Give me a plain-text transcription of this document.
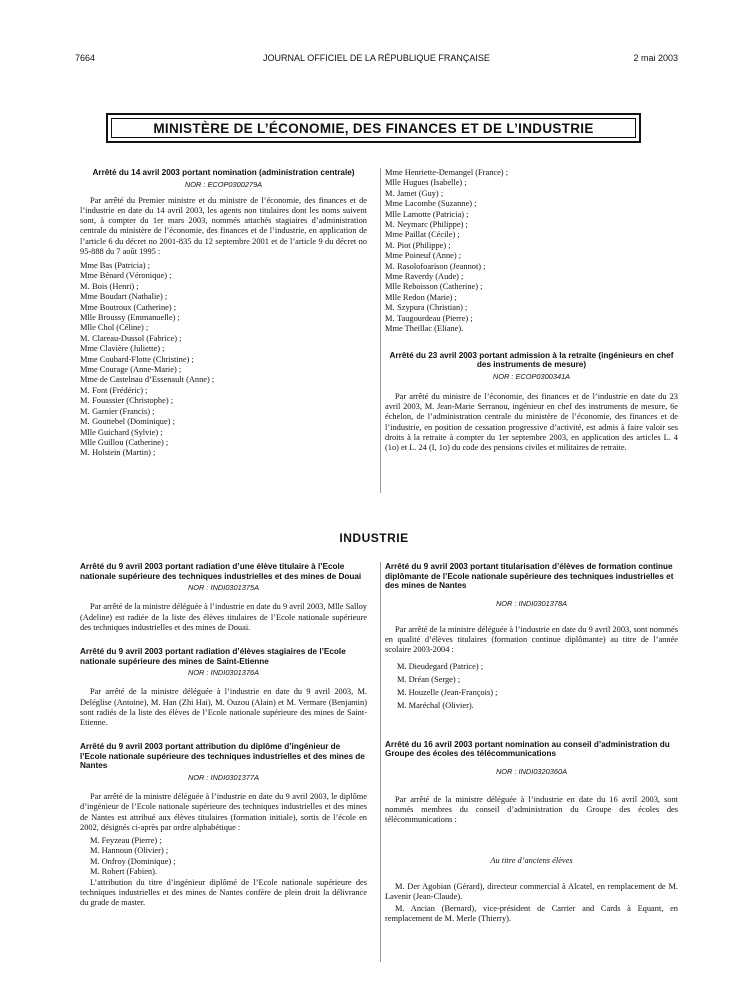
7664	JOURNAL OFFICIEL DE LA RÉPUBLIQUE FRANÇAISE	2 mai 2003
MINISTÈRE DE L’ÉCONOMIE, DES FINANCES ET DE L’INDUSTRIE

Arrêté du 14 avril 2003 portant nomination (administration centrale)

NOR : ECOP0300279A

Par arrêté du Premier ministre et du ministre de l’économie, des finances et de l’industrie en date du 14 avril 2003, les agents non titulaires dont les noms suivent sont, à compter du 1er mars 2003, nommés attachés stagiaires d’administration centrale du ministère de l’économie, des finances et de l’industrie, en application de l’article 6 du décret no 2001-835 du 12 septembre 2001 et de l’article 9 du décret no 95-888 du 7 août 1995 :

Mme Bas (Patricia) ;
Mme Bénard (Véronique) ;
M. Bois (Henri) ;
Mme Boudart (Nathalie) ;
Mme Boutroux (Catherine) ;
Mlle Broussy (Emmanuelle) ;
Mlle Chol (Céline) ;
M. Clareau-Dussol (Fabrice) ;
Mme Clavière (Juliette) ;
Mme Coubard-Flotte (Christine) ;
Mme Courage (Anne-Marie) ;
Mme de Castelnau d’Essenault (Anne) ;
M. Font (Frédéric) ;
M. Fouassier (Christophe) ;
M. Garnier (Francis) ;
M. Gouttebel (Dominique) ;
Mlle Guichard (Sylvie) ;
Mlle Guillou (Catherine) ;
M. Holstein (Martin) ;
Mme Henriette-Demangel (France) ;
Mlle Hugues (Isabelle) ;
M. Jamet (Guy) ;
Mme Lacombe (Suzanne) ;
Mlle Lamotte (Patricia) ;
M. Neymarc (Philippe) ;
Mme Paillat (Cécile) ;
M. Piot (Philippe) ;
Mme Poineuf (Anne) ;
M. Rasolofoarison (Jeannot) ;
Mme Raverdy (Aude) ;
Mlle Reboisson (Catherine) ;
Mlle Redon (Marie) ;
M. Szypura (Christian) ;
M. Taugourdeau (Pierre) ;
Mme Theillac (Eliane).

Arrêté du 23 avril 2003 portant admission à la retraite (ingénieurs en chef des instruments de mesure)

NOR : ECOP0300341A

Par arrêté du ministre de l’économie, des finances et de l’industrie en date du 23 avril 2003, M. Jean-Marie Serranou, ingénieur en chef des instruments de mesure, 6e échelon, de l’administration centrale du ministère de l’économie, des finances et de l’industrie, en position de cessation progressive d’activité, est admis à faire valoir ses droits à la retraite à compter du 1er septembre 2003, en application des articles L. 4 (1o) et L. 24 (I, 1o) du code des pensions civiles et militaires de retraite.

INDUSTRIE

Arrêté du 9 avril 2003 portant radiation d’une élève titulaire à l’Ecole nationale supérieure des techniques industrielles et des mines de Douai

NOR : INDI0301375A

Par arrêté de la ministre déléguée à l’industrie en date du 9 avril 2003, Mlle Salloy (Adeline) est radiée de la liste des élèves titulaires de l’Ecole nationale supérieure des techniques industrielles et des mines de Douai.

Arrêté du 9 avril 2003 portant radiation d’élèves stagiaires de l’Ecole nationale supérieure des mines de Saint-Etienne

NOR : INDI0301376A

Par arrêté de la ministre déléguée à l’industrie en date du 9 avril 2003, M. Deléglise (Antoine), M. Han (Zhi Hai), M. Ouzou (Alain) et M. Vermare (Benjamin) sont radiés de la liste des élèves de l’Ecole nationale supérieure des mines de Saint-Etienne.

Arrêté du 9 avril 2003 portant attribution du diplôme d’ingénieur de l’Ecole nationale supérieure des techniques industrielles et des mines de Nantes

NOR : INDI0301377A

Par arrêté de la ministre déléguée à l’industrie en date du 9 avril 2003, le diplôme d’ingénieur de l’Ecole nationale supérieure des techniques industrielles et des mines de Nantes est attribué aux élèves titulaires (formation initiale), sortis de l’école en 2002, désignés ci-après par ordre alphabétique :

M. Feyzeau (Pierre) ;
M. Hannoun (Olivier) ;
M. Onfroy (Dominique) ;
M. Robert (Fabien).

L’attribution du titre d’ingénieur diplômé de l’Ecole nationale supérieure des techniques industrielles et des mines de Nantes confère de plein droit la délivrance du grade de master.

Arrêté du 9 avril 2003 portant titularisation d’élèves de formation continue diplômante de l’Ecole nationale supérieure des techniques industrielles et des mines de Nantes

NOR : INDI0301378A

Par arrêté de la ministre déléguée à l’industrie en date du 9 avril 2003, sont nommés en qualité d’élèves titulaires (formation continue diplômante) au titre de l’année scolaire 2003-2004 :

M. Dieudegard (Patrice) ;
M. Dréan (Serge) ;
M. Houzelle (Jean-François) ;
M. Maréchal (Olivier).

Arrêté du 16 avril 2003 portant nomination au conseil d’administration du Groupe des écoles des télécommunications

NOR : INDI0320360A

Par arrêté de la ministre déléguée à l’industrie en date du 16 avril 2003, sont nommés membres du conseil d’administration du Groupe des écoles des télécommunications :

Au titre d’anciens élèves

M. Der Agobian (Gérard), directeur commercial à Alcatel, en remplacement de M. Lavenir (Jean-Claude).

M. Ancian (Bernard), vice-président de Carrier and Cards à Equant, en remplacement de M. Merle (Thierry).
